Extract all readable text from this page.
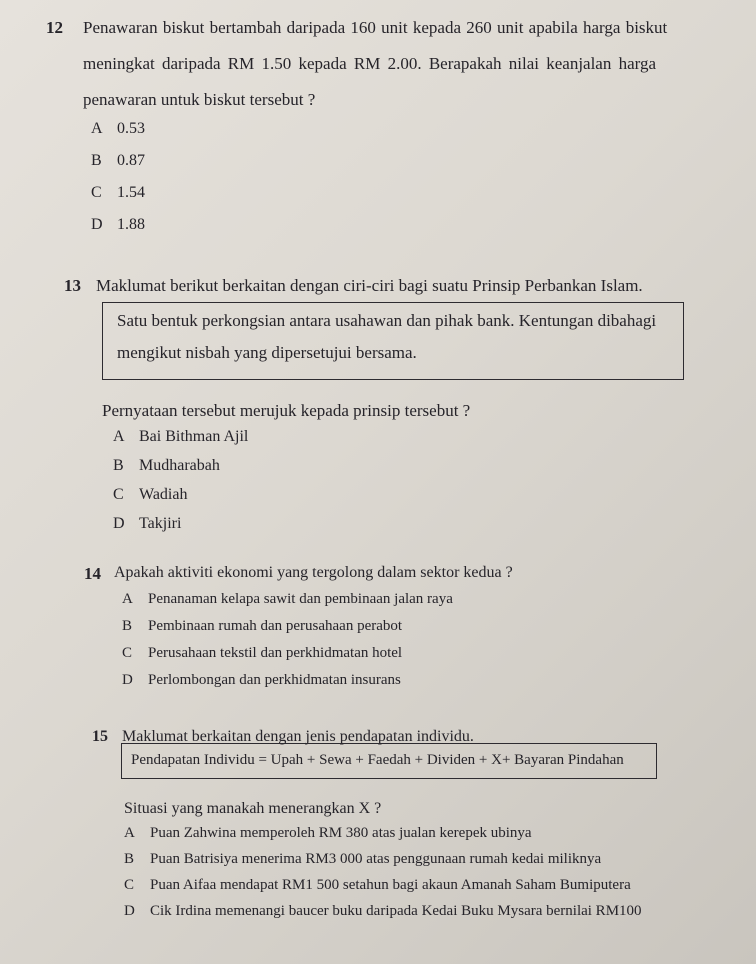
12 Penawaran biskut bertambah daripada 160 unit kepada 260 unit apabila harga biskut
meningkat daripada RM 1.50 kepada RM 2.00. Berapakah nilai keanjalan harga
penawaran untuk biskut tersebut ?
A 0.53
B 0.87
C 1.54
D 1.88
13 Maklumat berikut berkaitan dengan ciri-ciri bagi suatu Prinsip Perbankan Islam.
Satu bentuk perkongsian antara usahawan dan pihak bank. Kentungan dibahagi
mengikut nisbah yang dipersetujui bersama.
Pernyataan tersebut merujuk kepada prinsip tersebut ?
A Bai Bithman Ajil
B Mudharabah
C Wadiah
D Takjiri
14 Apakah aktiviti ekonomi yang tergolong dalam sektor kedua ?
A Penanaman kelapa sawit dan pembinaan jalan raya
B Pembinaan rumah dan perusahaan perabot
C Perusahaan tekstil dan perkhidmatan hotel
D Perlombongan dan perkhidmatan insurans
15 Maklumat berkaitan dengan jenis pendapatan individu.
Pendapatan Individu = Upah + Sewa + Faedah + Dividen + X+ Bayaran Pindahan
Situasi yang manakah menerangkan X ?
A Puan Zahwina memperoleh RM 380 atas jualan kerepek ubinya
B Puan Batrisiya menerima RM3 000 atas penggunaan rumah kedai miliknya
C Puan Aifaa mendapat RM1 500 setahun bagi akaun Amanah Saham Bumiputera
D Cik Irdina memenangi baucer buku daripada Kedai Buku Mysara bernilai RM100
